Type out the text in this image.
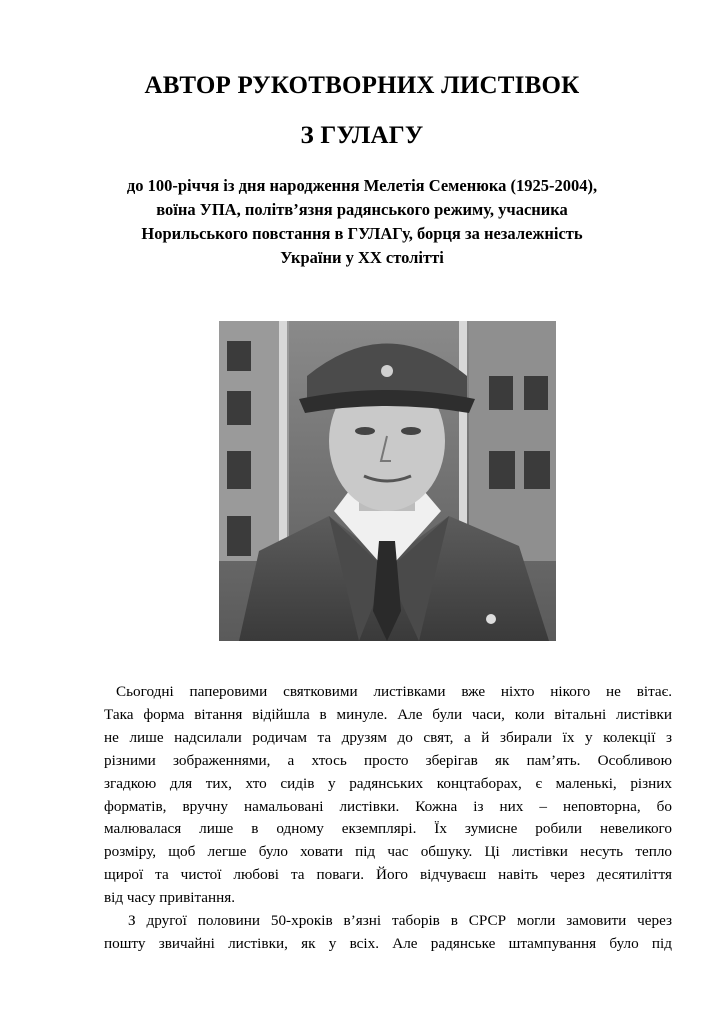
АВТОР РУКОТВОРНИХ ЛИСТІВОК
З ГУЛАГУ
до 100-річчя із дня народження Мелетія Семенюка (1925-2004),
воїна УПА, політв’язня радянського режиму, учасника
Норильського повстання в ГУЛАГу, борця за незалежність
України у ХХ столітті
Сьогодні паперовими святковими листівками вже ніхто нікого не вітає.
Така форма вітання відійшла в минуле. Але були часи, коли вітальні листівки
не лише надсилали родичам та друзям до свят, а й збирали їх у колекції з
різними зображеннями, а хтось просто зберігав як пам’ять. Особливою
згадкою для тих, хто сидів у радянських концтаборах, є маленькі, різних
форматів, вручну намальовані листівки. Кожна із них – неповторна, бо
малювалася лише в одному екземплярі. Їх зумисне робили невеликого
розміру, щоб легше було ховати під час обшуку. Ці листівки несуть тепло
щирої та чистої любові та поваги. Його відчуваєш навіть через десятиліття
від часу привітання.
З другої половини 50-хроків в’язні таборів в СРСР могли замовити через
пошту звичайні листівки, як у всіх. Але радянське штампування було під
